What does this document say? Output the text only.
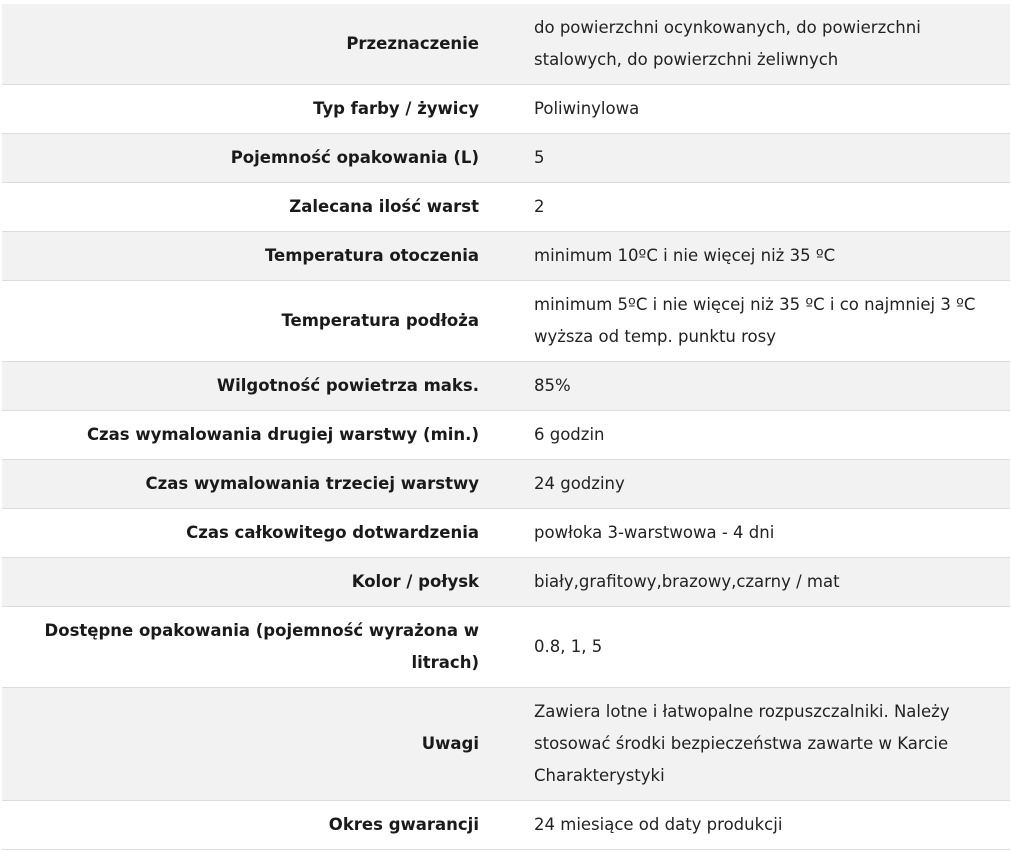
Przeznaczenie		do powierzchni ocynkowanych, do powierzchni stalowych, do powierzchni żeliwnych
Typ farby / żywicy		Poliwinylowa
Pojemność opakowania (L)		5
Zalecana ilość warst		2
Temperatura otoczenia		minimum 10ºC i nie więcej niż 35 ºC
Temperatura podłoża		minimum 5ºC i nie więcej niż 35 ºC i co najmniej 3 ºC wyższa od temp. punktu rosy
Wilgotność powietrza maks.		85%
Czas wymalowania drugiej warstwy (min.)		6 godzin
Czas wymalowania trzeciej warstwy		24 godziny
Czas całkowitego dotwardzenia		powłoka 3-warstwowa - 4 dni
Kolor / połysk		biały,grafitowy,brazowy,czarny / mat
Dostępne opakowania (pojemność wyrażona w litrach)		0.8, 1, 5
Uwagi		Zawiera lotne i łatwopalne rozpuszczalniki. Należy stosować środki bezpieczeństwa zawarte w Karcie Charakterystyki
Okres gwarancji		24 miesiące od daty produkcji
